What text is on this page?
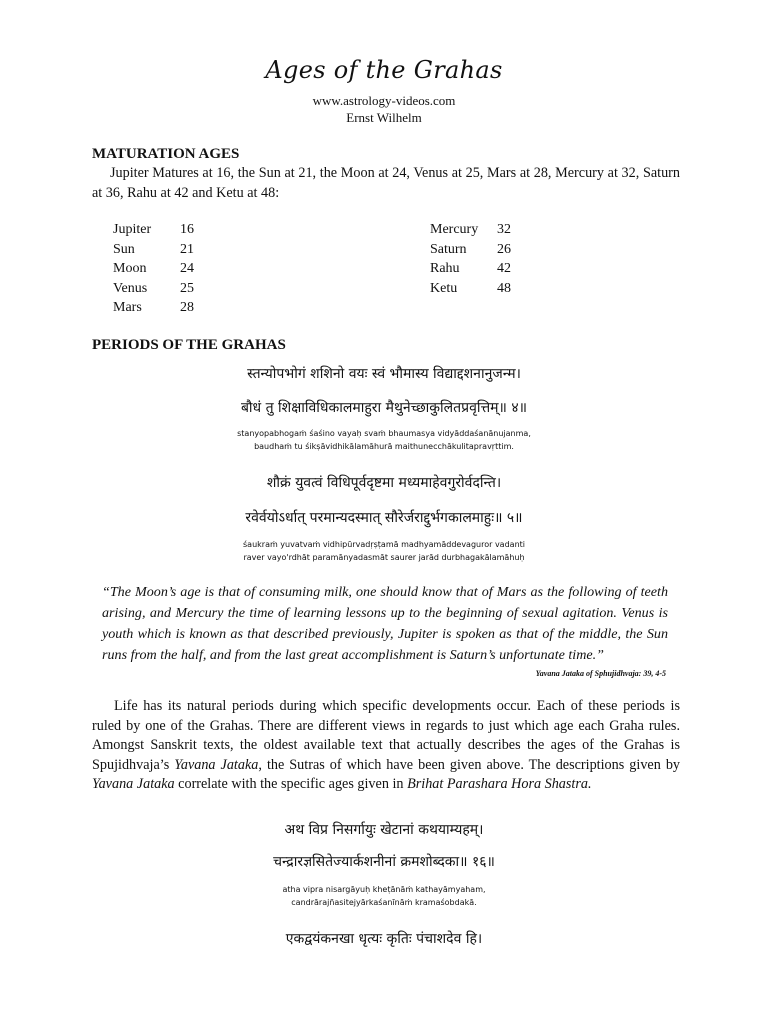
Ages of the Grahas
www.astrology-videos.com
Ernst Wilhelm
MATURATION AGES
Jupiter Matures at 16, the Sun at 21, the Moon at 24, Venus at 25, Mars at 28, Mercury at 32, Saturn at 36, Rahu at 42 and Ketu at 48:
Jupiter	16
Sun	21
Moon	24
Venus	25
Mars	28
Mercury	32
Saturn	26
Rahu	42
Ketu	48
PERIODS OF THE GRAHAS
स्तन्योपभोगं शशिनो वयः स्वं भौमास्य विद्याद्दशनानुजन्म।
बौधं तु शिक्षाविधिकालमाहुरा मैथुनेच्छाकुलितप्रवृत्तिम्॥ ४॥
stanyopabhogaṁ śaśino vayaḥ svaṁ bhaumasya vidyāddaśanānujanma,
baudhaṁ tu śikṣāvidhikālamāhurā maithunecchākulitapravṛttim.
शौक्रं युवत्वं विधिपूर्वदृष्टमा मध्यमाहेवगुरोर्वदन्ति।
रवेर्वयोऽर्धात् परमान्यदस्मात् सौरेर्जराद्दुर्भगकालमाहुः॥ ५॥
śaukraṁ yuvatvaṁ vidhipūrvadṛṣṭamā madhyamāddevaguror vadanti
raver vayo'rdhāt paramānyadasmāt saurer jarād durbhagakālamāhuḥ
“The Moon’s age is that of consuming milk, one should know that of Mars as the following of teeth arising, and Mercury the time of learning lessons up to the beginning of sexual agitation. Venus is youth which is known as that described previously, Jupiter is spoken as that of the middle, the Sun runs from the half, and from the last great accomplishment is Saturn’s unfortunate time.”
Yavana Jataka of Sphujidhvaja: 39, 4-5
Life has its natural periods during which specific developments occur. Each of these periods is ruled by one of the Grahas. There are different views in regards to just which age each Graha rules. Amongst Sanskrit texts, the oldest available text that actually describes the ages of the Grahas is Spujidhvaja’s Yavana Jataka, the Sutras of which have been given above. The descriptions given by Yavana Jataka correlate with the specific ages given in Brihat Parashara Hora Shastra.
अथ विप्र निसर्गायुः खेटानां कथयाम्यहम्।
चन्द्रारज्ञसितेज्यार्कशनीनां क्रमशोब्दका॥ १६॥
atha vipra nisargāyuḥ kheṭānāṁ kathayāmyaham,
candrārajñasitejyārkaśanīnāṁ kramaśobdakā.
एकद्वयंकनखा धृत्यः कृतिः पंचाशदेव हि।
